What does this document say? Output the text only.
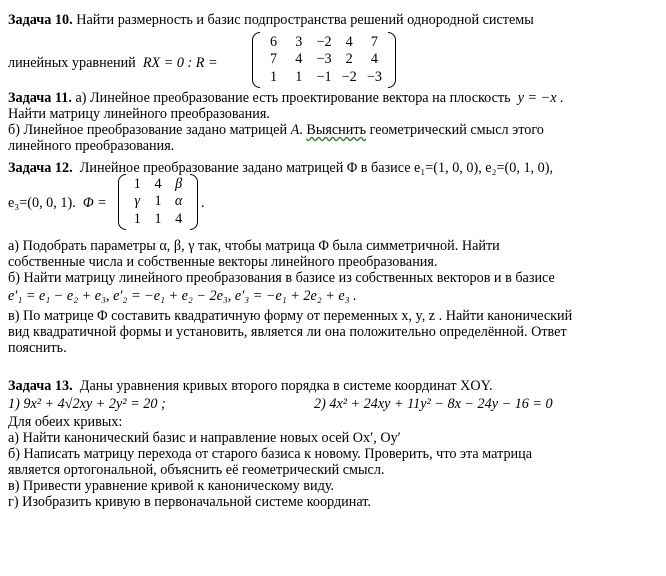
Задача 10. Найти размерность и базис подпространства решений однородной системы
линейных уравнений RX = 0 : R =
6	3 −2 4	7
7	4 −3 2	4
1	1 −1 −2 −3
Задача 11. а) Линейное преобразование есть проектирование вектора на плоскость y = −x .
Найти матрицу линейного преобразования.
б) Линейное преобразование задано матрицей A. Выяснить геометрический смысл этого
линейного преобразования.
Задача 12. Линейное преобразование задано матрицей Φ в базисе e₁=(1, 0, 0), e₂=(0, 1, 0),
e₃=(0, 0, 1). Φ =
1 4 β
γ	1 α
1 1 4
.
а) Подобрать параметры α, β, γ так, чтобы матрица Φ была симметричной. Найти
собственные числа и собственные векторы линейного преобразования.
б) Найти матрицу линейного преобразования в базисе из собственных векторов и в базисе
e′₁ = e₁ − e₂ + e₃, e′₂ = −e₁ + e₂ − 2e₃, e′₃ = −e₁ + 2e₂ + e₃ .
в) По матрице Φ составить квадратичную форму от переменных x, y, z . Найти канонический
вид квадратичной формы и установить, является ли она положительно определённой. Ответ
пояснить.
Задача 13. Даны уравнения кривых второго порядка в системе координат XOY.
1) 9x² + 4√2xy + 2y² = 20 ;	2) 4x² + 24xy + 11y² − 8x − 24y − 16 = 0
Для обеих кривых:
а) Найти канонический базис и направление новых осей Ox′, Oy′
б) Написать матрицу перехода от старого базиса к новому. Проверить, что эта матрица
является ортогональной, объяснить её геометрический смысл.
в) Привести уравнение кривой к каноническому виду.
г) Изобразить кривую в первоначальной системе координат.
